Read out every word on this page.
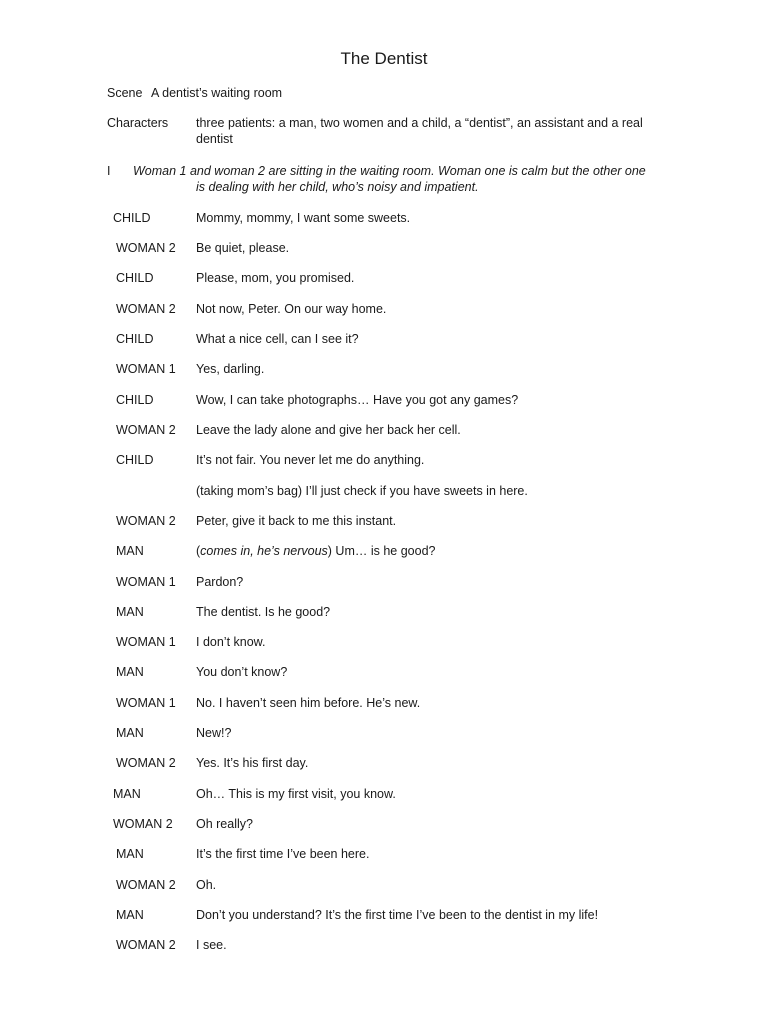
The Dentist
Scene A dentist’s waiting room
Characters three patients: a man, two women and a child, a “dentist”, an assistant and a real dentist
I Woman 1 and woman 2 are sitting in the waiting room. Woman one is calm but the other one
is dealing with her child, who’s noisy and impatient.
CHILD	Mommy, mommy, I want some sweets.
WOMAN 2 Be quiet, please.
CHILD	Please, mom, you promised.
WOMAN 2 Not now, Peter. On our way home.
CHILD	What a nice cell, can I see it?
WOMAN 1 Yes, darling.
CHILD	Wow, I can take photographs… Have you got any games?
WOMAN 2 Leave the lady alone and give her back her cell.
CHILD	It’s not fair. You never let me do anything.
(taking mom’s bag) I’ll just check if you have sweets in here.
WOMAN 2 Peter, give it back to me this instant.
MAN	(comes in, he’s nervous) Um… is he good?
WOMAN 1 Pardon?
MAN	The dentist. Is he good?
WOMAN 1 I don’t know.
MAN	You don’t know?
WOMAN 1 No. I haven’t seen him before. He’s new.
MAN	New!?
WOMAN 2 Yes. It’s his first day.
MAN	Oh… This is my first visit, you know.
WOMAN 2 Oh really?
MAN	It’s the first time I’ve been here.
WOMAN 2 Oh.
MAN	Don’t you understand? It’s the first time I’ve been to the dentist in my life!
WOMAN 2 I see.
